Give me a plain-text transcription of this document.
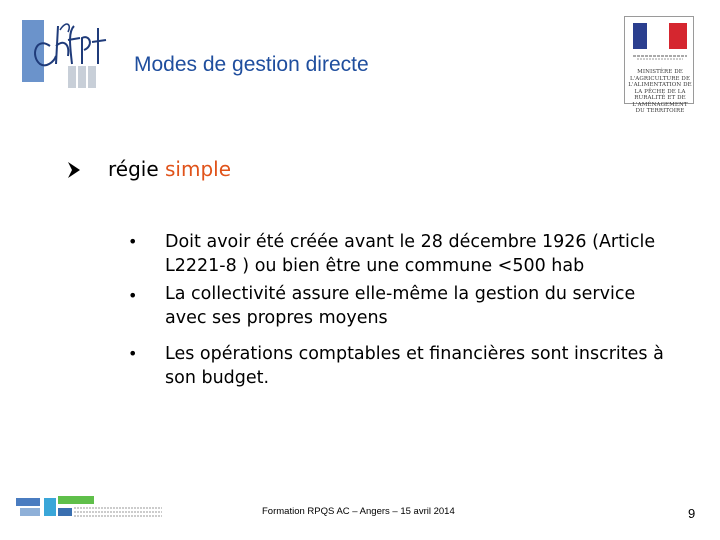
Modes de gestion directe	MINISTÈRE DE L'AGRICULTURE DE L'ALIMENTATION DE LA PÊCHE DE LA RURALITÉ ET DE L'AMÉNAGEMENT DU TERRITOIRE
régie simple
• Doit avoir été créée avant le 28 décembre 1926 (Article
L2221-8 ) ou bien être une commune <500 hab
• La collectivité assure elle-même la gestion du service
avec ses propres moyens
• Les opérations comptables et financières sont inscrites à
son budget.
Formation RPQS AC – Angers – 15 avril 2014	9
